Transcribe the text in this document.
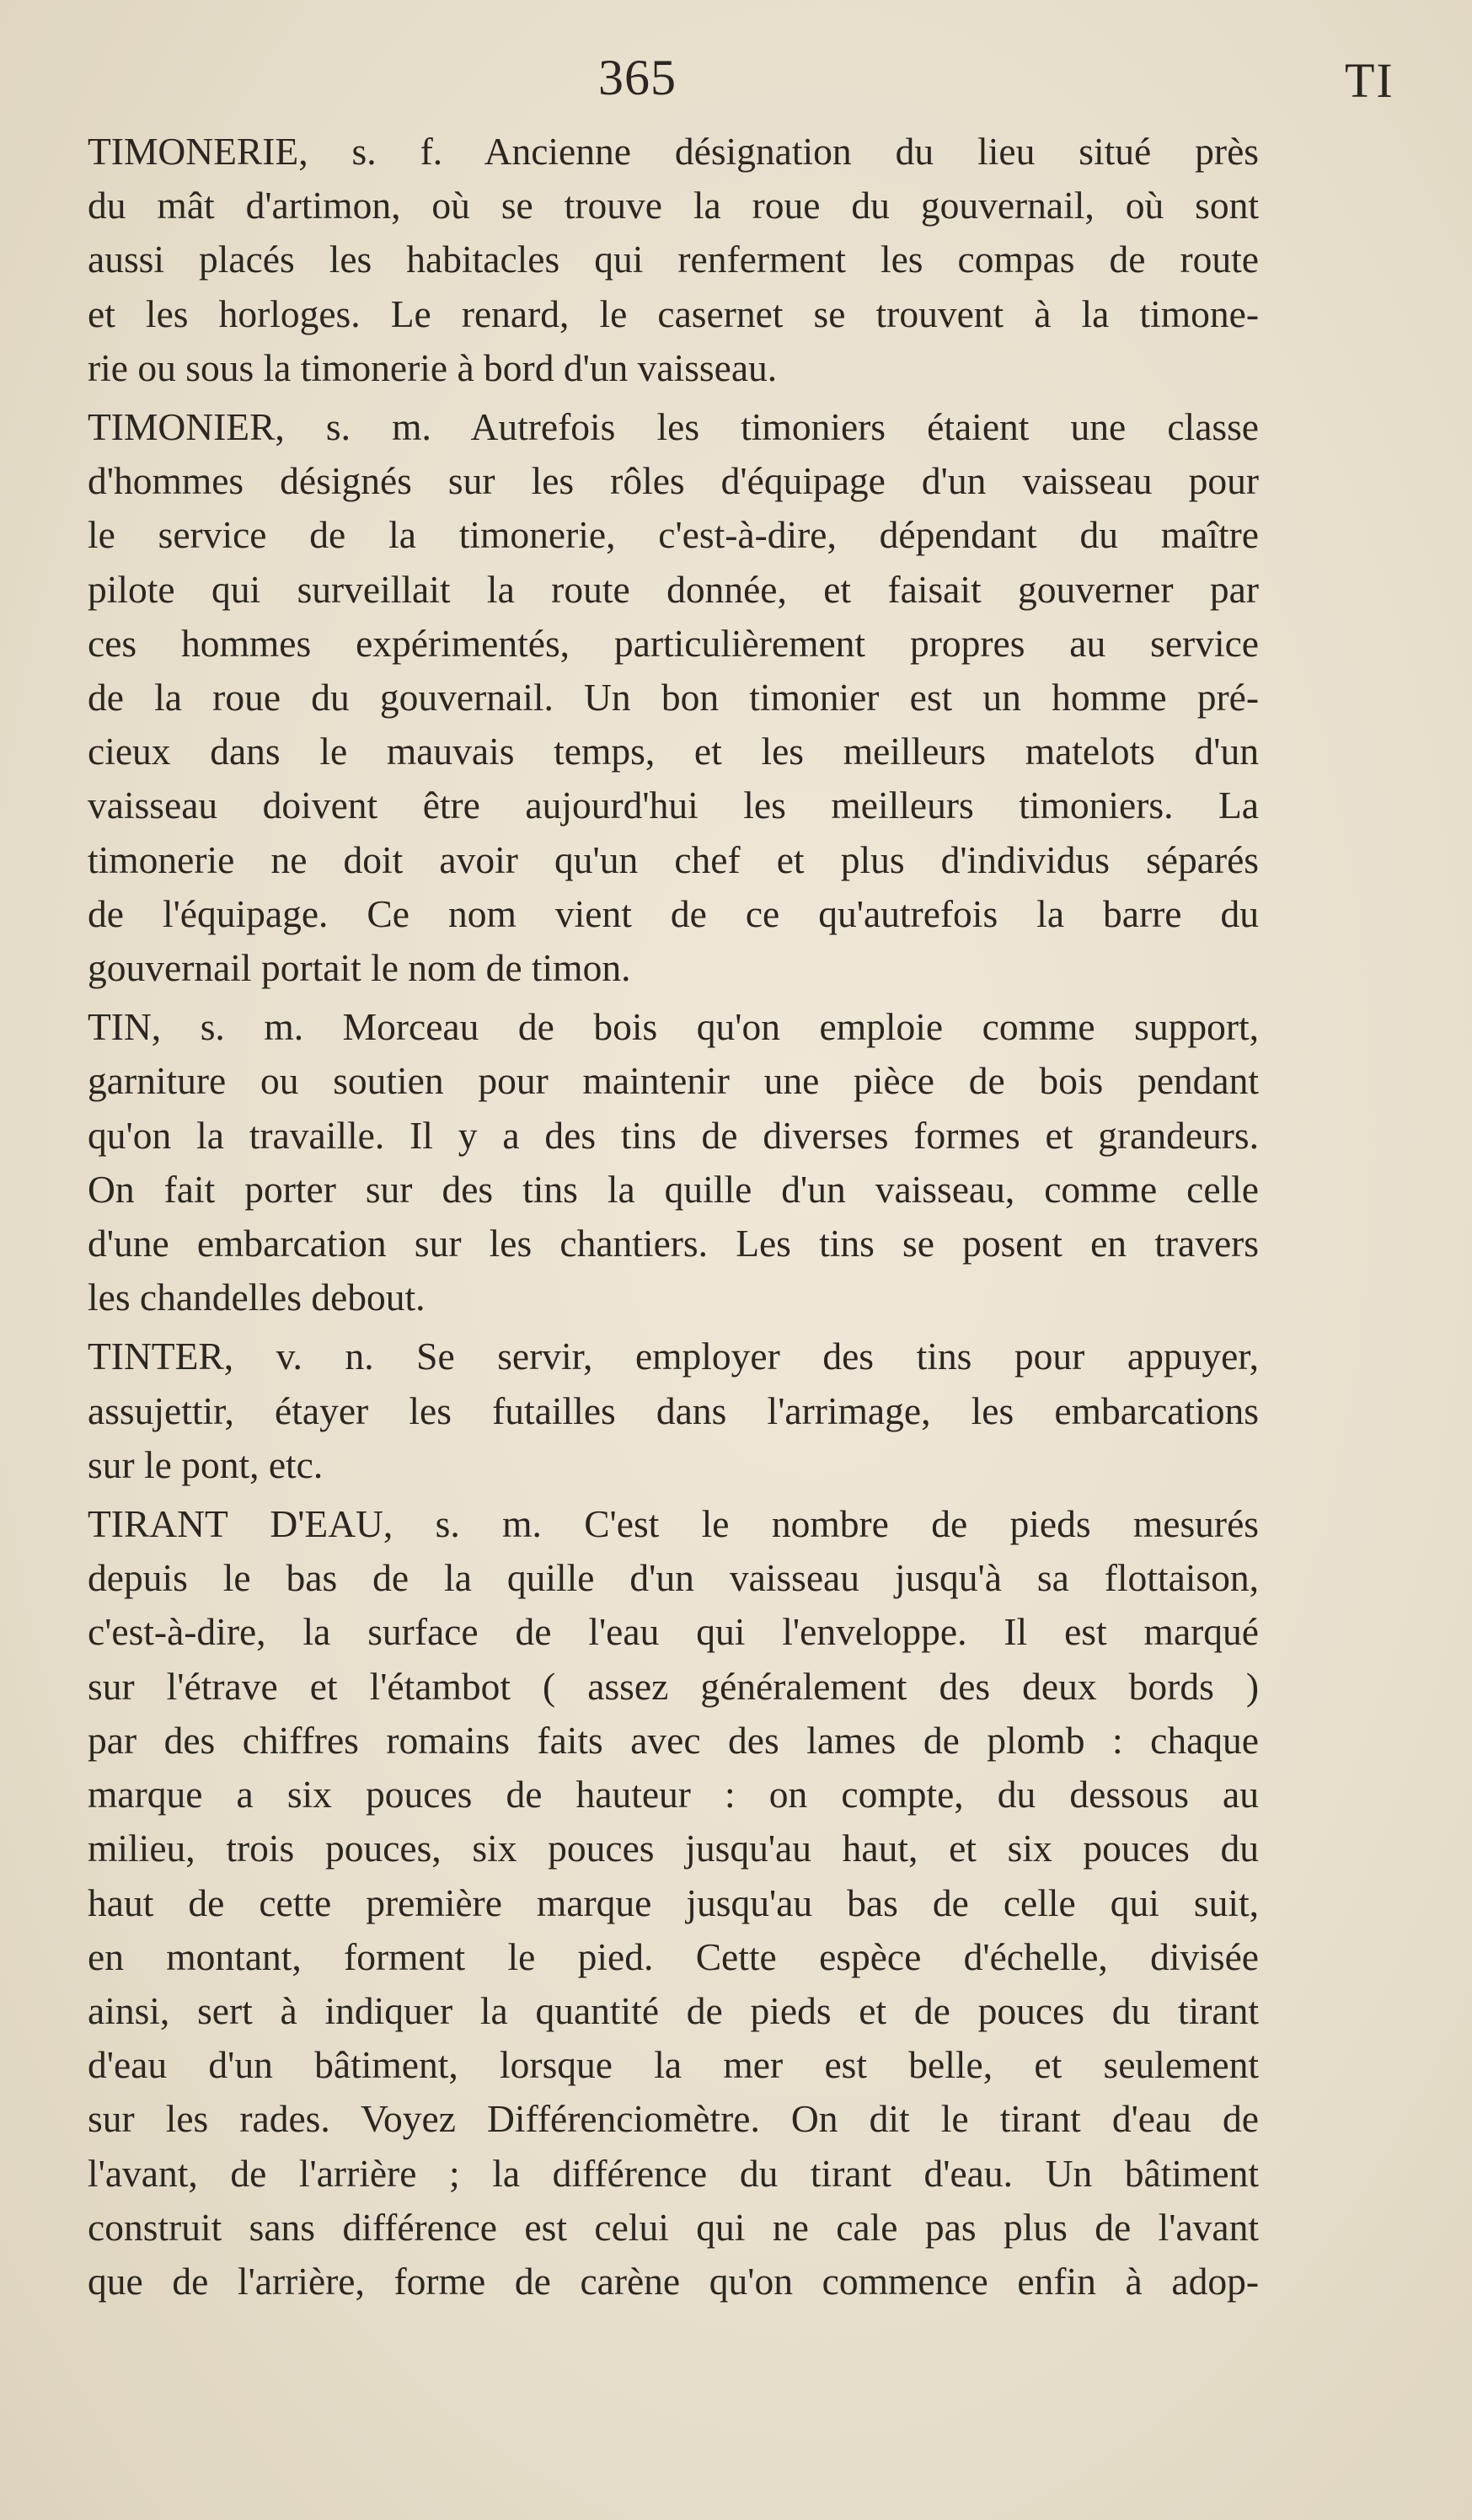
365	TI
TIMONERIE, s. f. Ancienne désignation du lieu situé près
du mât d'artimon, où se trouve la roue du gouvernail, où sont
aussi placés les habitacles qui renferment les compas de route
et les horloges. Le renard, le casernet se trouvent à la timone-
rie ou sous la timonerie à bord d'un vaisseau.
TIMONIER, s. m. Autrefois les timoniers étaient une classe
d'hommes désignés sur les rôles d'équipage d'un vaisseau pour
le service de la timonerie, c'est-à-dire, dépendant du maître
pilote qui surveillait la route donnée, et faisait gouverner par
ces hommes expérimentés, particulièrement propres au service
de la roue du gouvernail. Un bon timonier est un homme pré-
cieux dans le mauvais temps, et les meilleurs matelots d'un
vaisseau doivent être aujourd'hui les meilleurs timoniers. La
timonerie ne doit avoir qu'un chef et plus d'individus séparés
de l'équipage. Ce nom vient de ce qu'autrefois la barre du
gouvernail portait le nom de timon.
TIN, s. m. Morceau de bois qu'on emploie comme support,
garniture ou soutien pour maintenir une pièce de bois pendant
qu'on la travaille. Il y a des tins de diverses formes et grandeurs.
On fait porter sur des tins la quille d'un vaisseau, comme celle
d'une embarcation sur les chantiers. Les tins se posent en travers
les chandelles debout.
TINTER, v. n. Se servir, employer des tins pour appuyer,
assujettir, étayer les futailles dans l'arrimage, les embarcations
sur le pont, etc.
TIRANT D'EAU, s. m. C'est le nombre de pieds mesurés
depuis le bas de la quille d'un vaisseau jusqu'à sa flottaison,
c'est-à-dire, la surface de l'eau qui l'enveloppe. Il est marqué
sur l'étrave et l'étambot ( assez généralement des deux bords )
par des chiffres romains faits avec des lames de plomb : chaque
marque a six pouces de hauteur : on compte, du dessous au
milieu, trois pouces, six pouces jusqu'au haut, et six pouces du
haut de cette première marque jusqu'au bas de celle qui suit,
en montant, forment le pied. Cette espèce d'échelle, divisée
ainsi, sert à indiquer la quantité de pieds et de pouces du tirant
d'eau d'un bâtiment, lorsque la mer est belle, et seulement
sur les rades. Voyez Différenciomètre. On dit le tirant d'eau de
l'avant, de l'arrière ; la différence du tirant d'eau. Un bâtiment
construit sans différence est celui qui ne cale pas plus de l'avant
que de l'arrière, forme de carène qu'on commence enfin à adop-
